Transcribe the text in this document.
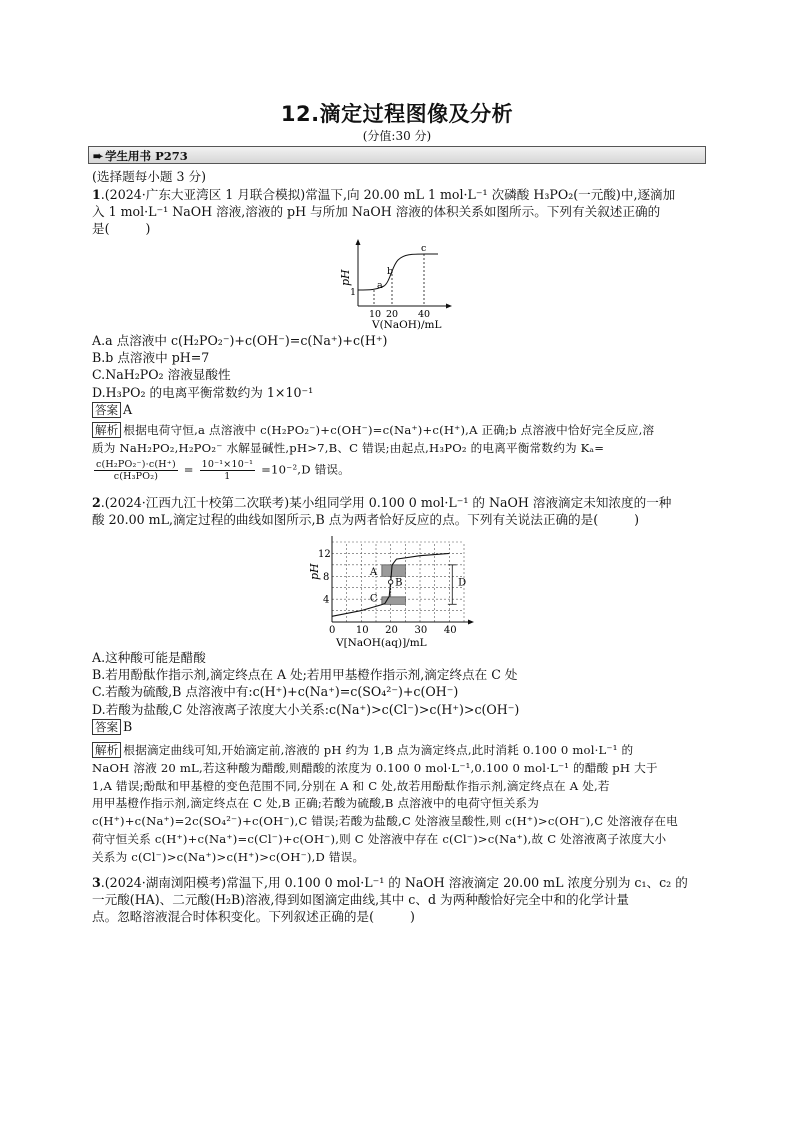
12.滴定过程图像及分析
(分值:30 分)
➨ 学生用书 P273
(选择题每小题 3 分)
1.(2024·广东大亚湾区 1 月联合模拟)常温下,向 20.00 mL 1 mol·L⁻¹ 次磷酸 H₃PO₂(一元酸)中,逐滴加
入 1 mol·L⁻¹ NaOH 溶液,溶液的 pH 与所加 NaOH 溶液的体积关系如图所示。下列有关叙述正确的
是(	)
pH
1
a
b
c
10 20 40
V(NaOH)/mL
A.a 点溶液中 c(H₂PO₂⁻)+c(OH⁻)=c(Na⁺)+c(H⁺)
B.b 点溶液中 pH=7
C.NaH₂PO₂ 溶液显酸性
D.H₃PO₂ 的电离平衡常数约为 1×10⁻¹
答案 A
解析 根据电荷守恒,a 点溶液中 c(H₂PO₂⁻)+c(OH⁻)=c(Na⁺)+c(H⁺),A 正确;b 点溶液中恰好完全反应,溶
质为 NaH₂PO₂,H₂PO₂⁻ 水解显碱性,pH>7,B、C 错误;由起点,H₃PO₂ 的电离平衡常数约为 Kₐ=
$\frac{\text{c(H₂PO₂⁻)·c(H⁺)}}{\text{c(H₃PO₂)}} = \frac{\text{10⁻¹×10⁻¹}}{1} =10^{-2},D$ 错误。
2.(2024·江西九江十校第二次联考)某小组同学用 0.100 0 mol·L⁻¹ 的 NaOH 溶液滴定未知浓度的一种
酸 20.00 mL,滴定过程的曲线如图所示,B 点为两者恰好反应的点。下列有关说法正确的是(	)
0 10 20 30 40
4
8
12
A
B
C
D
pH
V[NaOH(aq)]/mL
A.这种酸可能是醋酸
B.若用酚酞作指示剂,滴定终点在 A 处;若用甲基橙作指示剂,滴定终点在 C 处
C.若酸为硫酸,B 点溶液中有:c(H⁺)+c(Na⁺)=c(SO₄²⁻)+c(OH⁻)
D.若酸为盐酸,C 处溶液离子浓度大小关系:c(Na⁺)>c(Cl⁻)>c(H⁺)>c(OH⁻)
答案 B
解析 根据滴定曲线可知,开始滴定前,溶液的 pH 约为 1,B 点为滴定终点,此时消耗 0.100 0 mol·L⁻¹ 的
NaOH 溶液 20 mL,若这种酸为醋酸,则醋酸的浓度为 0.100 0 mol·L⁻¹,0.100 0 mol·L⁻¹ 的醋酸 pH 大于
1,A 错误;酚酞和甲基橙的变色范围不同,分别在 A 和 C 处,故若用酚酞作指示剂,滴定终点在 A 处,若
用甲基橙作指示剂,滴定终点在 C 处,B 正确;若酸为硫酸,B 点溶液中的电荷守恒关系为
c(H⁺)+c(Na⁺)=2c(SO₄²⁻)+c(OH⁻),C 错误;若酸为盐酸,C 处溶液呈酸性,则 c(H⁺)>c(OH⁻),C 处溶液存在电
荷守恒关系 c(H⁺)+c(Na⁺)=c(Cl⁻)+c(OH⁻),则 C 处溶液中存在 c(Cl⁻)>c(Na⁺),故 C 处溶液离子浓度大小
关系为 c(Cl⁻)>c(Na⁺)>c(H⁺)>c(OH⁻),D 错误。
3.(2024·湖南浏阳模考)常温下,用 0.100 0 mol·L⁻¹ 的 NaOH 溶液滴定 20.00 mL 浓度分别为 c₁、c₂ 的
一元酸(HA)、二元酸(H₂B)溶液,得到如图滴定曲线,其中 c、d 为两种酸恰好完全中和的化学计量
点。忽略溶液混合时体积变化。下列叙述正确的是(	)
